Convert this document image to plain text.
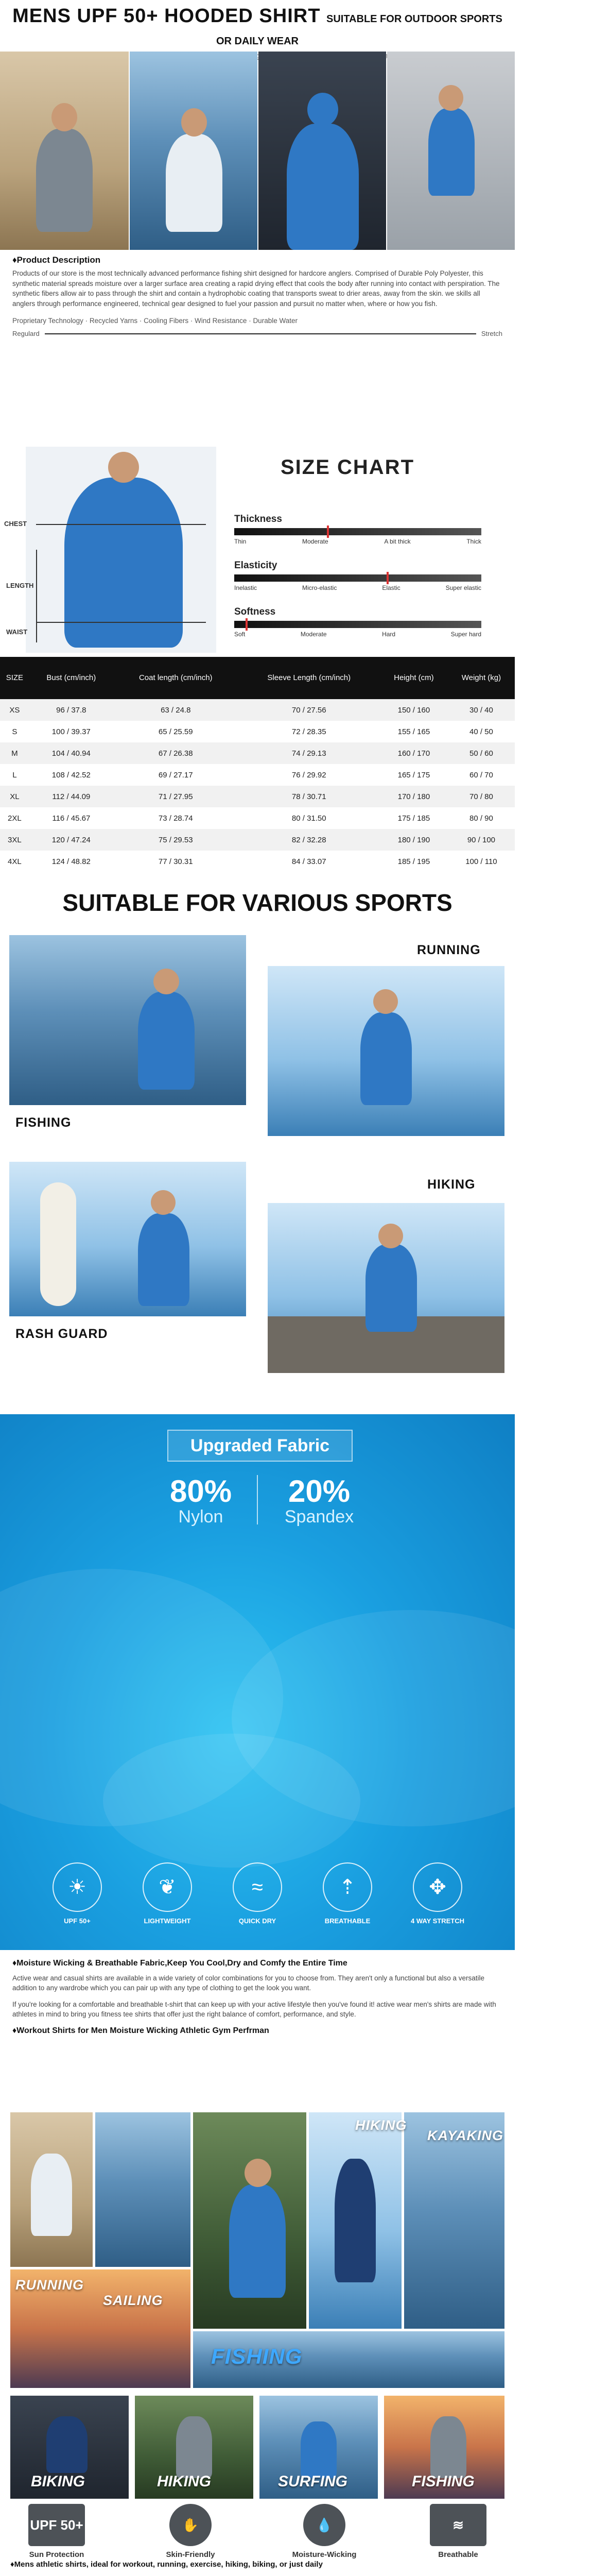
MENS UPF 50+ HOODED SHIRT SUITABLE FOR OUTDOOR SPORTS OR DAILY WEAR
♦Product Description

Products of our store is the most technically advanced performance fishing shirt designed for hardcore anglers. Comprised of Durable Poly Polyester, this synthetic material spreads moisture over a larger surface area creating a rapid drying effect that cools the body after running into contact with perspiration. The synthetic fibers allow air to pass through the shirt and contain a hydrophobic coating that transports sweat to drier areas, away from the skin. we skills all anglers through performance engineered, technical gear designed to fuel your passion and pursuit no matter when, where or how you fish.

Proprietary Technology · Recycled Yarns · Cooling Fibers · Wind Resistance · Durable Water
Regulard	Stretch
CHEST
LENGTH
WAIST
SIZE CHART
Thickness
Thin	Moderate	A bit thick	Thick
Elasticity
Inelastic	Micro-elastic	Elastic	Super elastic
Softness
Soft	Moderate	Hard	Super hard
SIZE	Bust (cm/inch)	Coat length (cm/inch)	Sleeve Length (cm/inch)	Height (cm)	Weight (kg)
XS	96 / 37.8	63 / 24.8	70 / 27.56	150 / 160	30 / 40
S	100 / 39.37	65 / 25.59	72 / 28.35	155 / 165	40 / 50
M	104 / 40.94	67 / 26.38	74 / 29.13	160 / 170	50 / 60
L	108 / 42.52	69 / 27.17	76 / 29.92	165 / 175	60 / 70
XL	112 / 44.09	71 / 27.95	78 / 30.71	170 / 180	70 / 80
2XL	116 / 45.67	73 / 28.74	80 / 31.50	175 / 185	80 / 90
3XL	120 / 47.24	75 / 29.53	82 / 32.28	180 / 190	90 / 100
4XL	124 / 48.82	77 / 30.31	84 / 33.07	185 / 195	100 / 110
SUITABLE FOR VARIOUS SPORTS
FISHING
RUNNING
RASH GUARD
HIKING
Upgraded Fabric
80%
Nylon
20%
Spandex
☀
UPF 50+
❦
LIGHTWEIGHT
≈
QUICK DRY
⇡
BREATHABLE
✥
4 WAY STRETCH
♦Moisture Wicking & Breathable Fabric,Keep You Cool,Dry and Comfy the Entire Time

Active wear and casual shirts are available in a wide variety of color combinations for you to choose from. They aren't only a functional but also a versatile addition to any wardrobe which you can pair up with any type of clothing to get the look you want.

If you're looking for a comfortable and breathable t-shirt that can keep up with your active lifestyle then you've found it! active wear men's shirts are made with athletes in mind to bring you fitness tee shirts that offer just the right balance of comfort, performance, and style.

♦Workout Shirts for Men Moisture Wicking Athletic Gym Perfrman
HIKING
KAYAKING
RUNNING
SAILING
FISHING
BIKING	HIKING	SURFING	FISHING
UPF 50+
Sun Protection
✋
Skin-Friendly
💧
Moisture-Wicking
≋
Breathable
♦Mens athletic shirts, ideal for workout, running, exercise, hiking, biking, or just daily
